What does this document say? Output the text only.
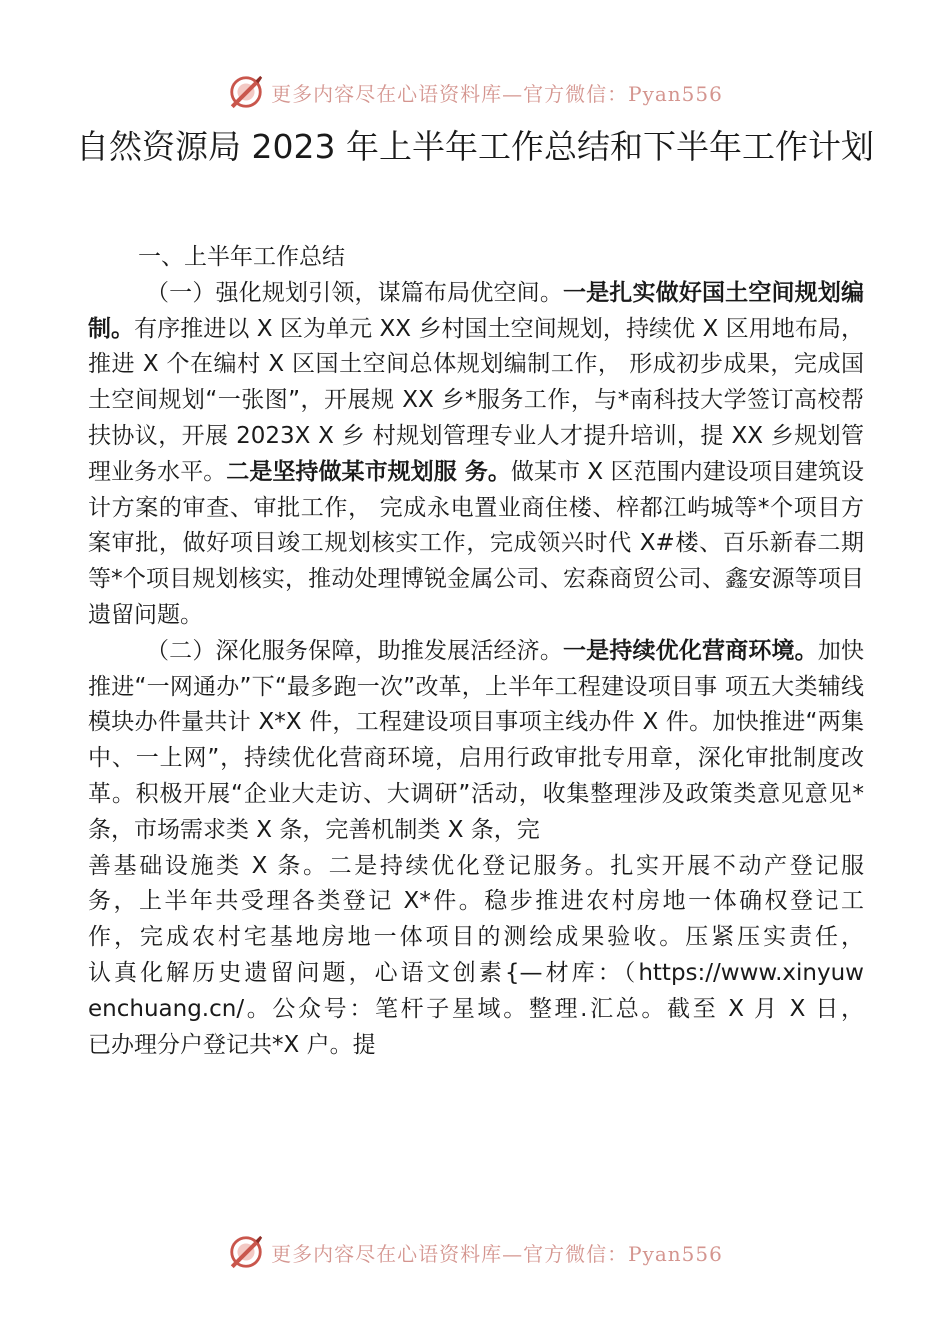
更多内容尽在心语资料库—官方微信：Pyan556
自然资源局 2023 年上半年工作总结和下半年工作计划

一、上半年工作总结

（一）强化规划引领，谋篇布局优空间。一是扎实做好国土空间规划编制。有序推进以 X 区为单元 XX 乡村国土空间规划，持续优 X 区用地布局，推进 X 个在编村 X 区国土空间总体规划编制工作， 形成初步成果，完成国土空间规划“一张图”，开展规 XX 乡*服务工作，与*南科技大学签订高校帮扶协议，开展 2023X X 乡 村规划管理专业人才提升培训，提 XX 乡规划管理业务水平。二是坚持做某市规划服 务。做某市 X 区范围内建设项目建筑设计方案的审查、审批工作， 完成永电置业商住楼、梓都江屿城等*个项目方案审批，做好项目竣工规划核实工作，完成领兴时代 X#楼、百乐新春二期等*个项目规划核实，推动处理博锐金属公司、宏森商贸公司、鑫安源等项目遗留问题。

（二）深化服务保障，助推发展活经济。一是持续优化营商环境。加快推进“一网通办”下“最多跑一次”改革，上半年工程建设项目事 项五大类辅线模块办件量共计 X*X 件，工程建设项目事项主线办件 X 件。加快推进“两集中、一上网”，持续优化营商环境，启用行政审批专用章，深化审批制度改革。积极开展“企业大走访、大调研”活动，收集整理涉及政策类意见意见*条，市场需求类 X 条，完善机制类 X 条，完

善基础设施类 X 条。二是持续优化登记服务。扎实开展不动产登记服
务，上半年共受理各类登记 X*件。稳步推进农村房地一体确权登记工
作，完成农村宅基地房地一体项目的测绘成果验收。压紧压实责任，
认真化解历史遗留问题，心语文创素{—材库：（https://www.xinyuw
enchuang.cn/。公众号：笔杆子星域。整理.汇总。截至 X 月 X 日，
已办理分户登记共*X 户。提

更多内容尽在心语资料库—官方微信：Pyan556
